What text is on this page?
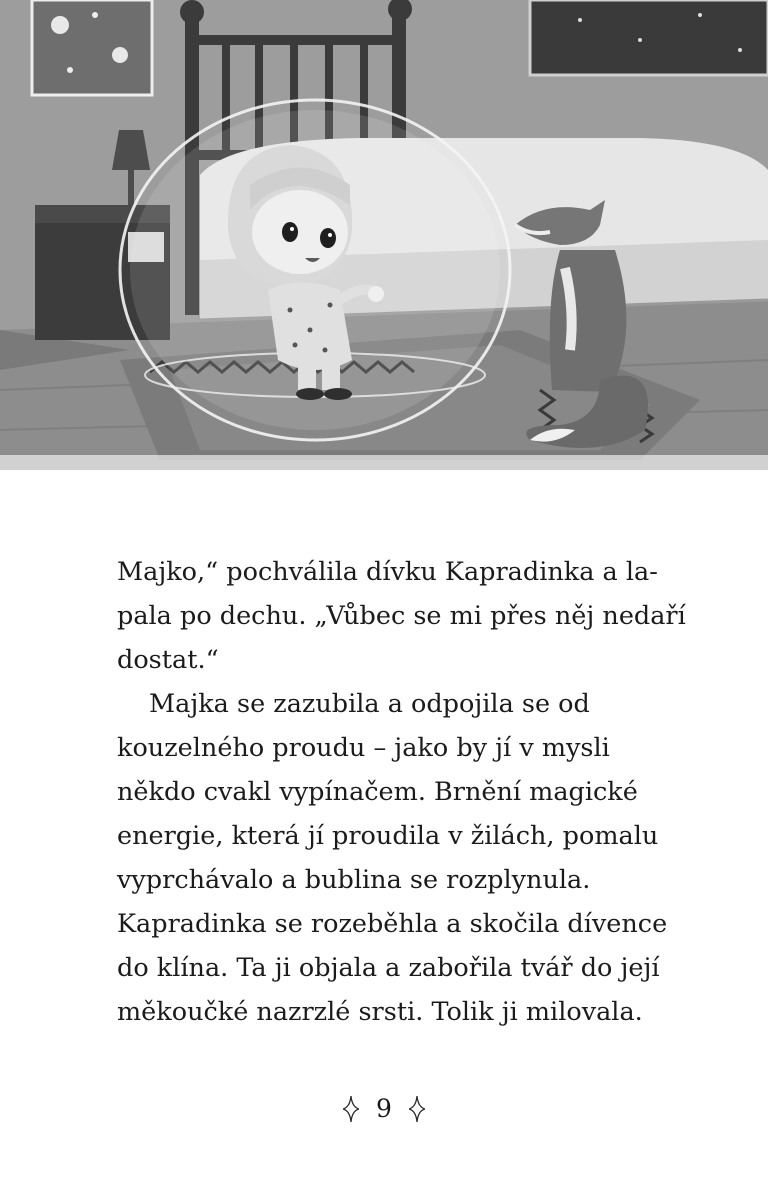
Majko,“ pochválila dívku Kapradinka a la-
pala po dechu. „Vůbec se mi přes něj nedaří
dostat.“

Majka se zazubila a odpojila se od
kouzelného proudu – jako by jí v mysli
někdo cvakl vypínačem. Brnění magické
energie, která jí proudila v žilách, pomalu
vyprchávalo a bublina se rozplynula.
Kapradinka se rozeběhla a skočila dívence
do klína. Ta ji objala a zabořila tvář do její
měkoučké nazrzlé srsti. Tolik ji milovala.

9
